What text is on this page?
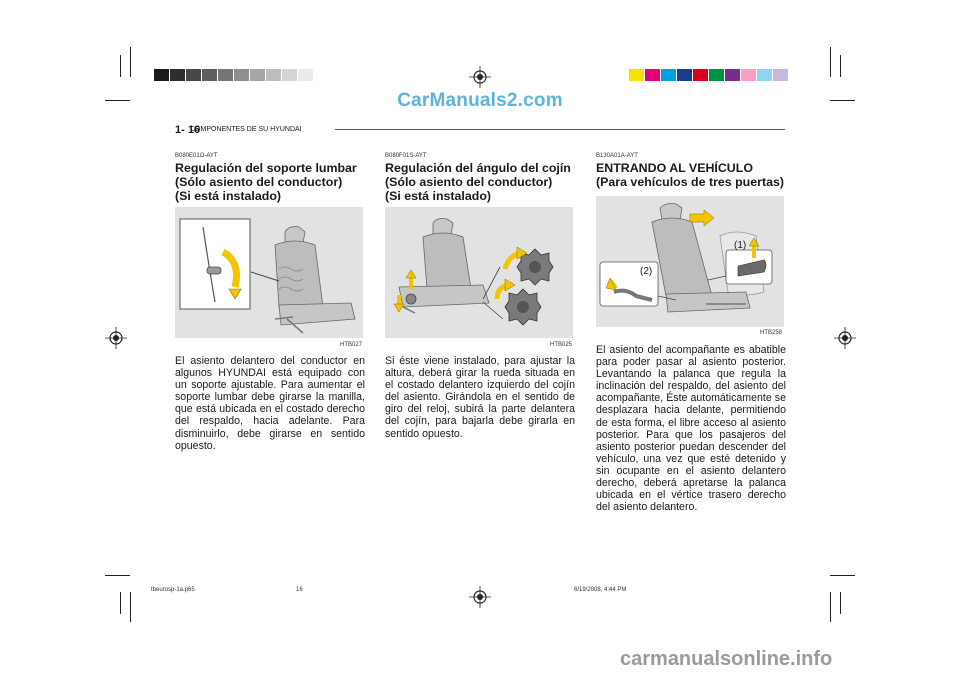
CarManuals2.com
1- 16
COMPONENTES DE SU HYUNDAI
B080E01O-AYT
Regulación del soporte lumbar
(Sólo asiento del conductor)
(Si está instalado)
HTB027
El asiento delantero del conductor en algunos HYUNDAI está equipado con un soporte ajustable. Para aumentar el soporte lumbar debe girarse la manilla, que está ubicada en el costado derecho del respaldo, hacia adelante. Para disminuirlo, debe girarse en sentido opuesto.
B080F01S-AYT
Regulación del ángulo del cojín
(Sólo asiento del conductor)
(Si está instalado)
HTB025
Si éste viene instalado, para ajustar la altura, deberá girar la rueda situada en el costado delantero izquierdo del cojín del asiento. Girándola en el sentido de giro del reloj, subirá la parte delantera del cojín, para bajarla debe girarla en sentido opuesto.
B130A01A-AYT
ENTRANDO AL VEHÍCULO
(Para vehículos de tres puertas)
(1)
(2)
HTB258
El asiento del acompañante es abatible para poder pasar al asiento posterior. Levantando la palanca que regula la inclinación del respaldo, del asiento del acompañante, Éste automáticamente se desplazara hacia delante, permitiendo de esta forma, el libre acceso al asiento posterior. Para que los pasajeros del asiento posterior puedan descender del vehículo, una vez que esté detenido y sin ocupante en el asiento delantero derecho, deberá apretarse la palanca ubicada en el vértice trasero derecho del asiento delantero.
tbeurosp-1a.p65	16	6/19/2008, 4:44 PM
carmanualsonline.info
